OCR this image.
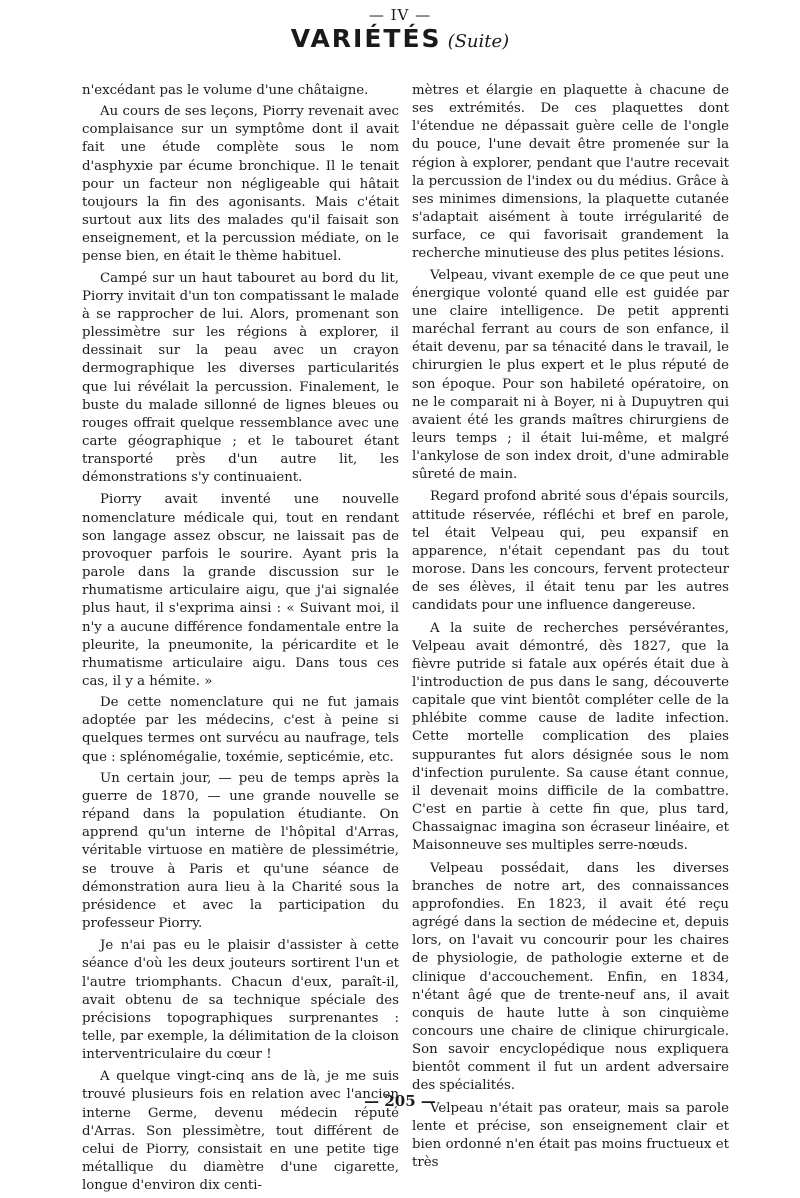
— IV —
VARIÉTÉS (Suite)

n'excédant pas le volume d'une châtaigne.

Au cours de ses leçons, Piorry revenait avec complaisance sur un symptôme dont il avait fait une étude complète sous le nom d'asphyxie par écume bronchique. Il le tenait pour un facteur non négligeable qui hâtait toujours la fin des agonisants. Mais c'était surtout aux lits des malades qu'il faisait son enseignement, et la percussion médiate, on le pense bien, en était le thème habituel.

Campé sur un haut tabouret au bord du lit, Piorry invitait d'un ton compatissant le malade à se rapprocher de lui. Alors, promenant son plessimètre sur les régions à explorer, il dessinait sur la peau avec un crayon dermographique les diverses particularités que lui révélait la percussion. Finalement, le buste du malade sillonné de lignes bleues ou rouges offrait quelque ressemblance avec une carte géographique ; et le tabouret étant transporté près d'un autre lit, les démonstrations s'y continuaient.

Piorry avait inventé une nouvelle nomenclature médicale qui, tout en rendant son langage assez obscur, ne laissait pas de provoquer parfois le sourire. Ayant pris la parole dans la grande discussion sur le rhumatisme articulaire aigu, que j'ai signalée plus haut, il s'exprima ainsi : « Suivant moi, il n'y a aucune différence fondamentale entre la pleurite, la pneumonite, la péricardite et le rhumatisme articulaire aigu. Dans tous ces cas, il y a hémite. »

De cette nomenclature qui ne fut jamais adoptée par les médecins, c'est à peine si quelques termes ont survécu au naufrage, tels que : splénomégalie, toxémie, septicémie, etc.

Un certain jour, — peu de temps après la guerre de 1870, — une grande nouvelle se répand dans la population étudiante. On apprend qu'un interne de l'hôpital d'Arras, véritable virtuose en matière de plessimétrie, se trouve à Paris et qu'une séance de démonstration aura lieu à la Charité sous la présidence et avec la participation du professeur Piorry.

Je n'ai pas eu le plaisir d'assister à cette séance d'où les deux jouteurs sortirent l'un et l'autre triomphants. Chacun d'eux, paraît-il, avait obtenu de sa technique spéciale des précisions topographiques surprenantes : telle, par exemple, la délimitation de la cloison interventriculaire du cœur !

A quelque vingt-cinq ans de là, je me suis trouvé plusieurs fois en relation avec l'ancien interne Germe, devenu médecin réputé d'Arras. Son plessimètre, tout différent de celui de Piorry, consistait en une petite tige métallique du diamètre d'une cigarette, longue d'environ dix centi-

mètres et élargie en plaquette à chacune de ses extrémités. De ces plaquettes dont l'étendue ne dépassait guère celle de l'ongle du pouce, l'une devait être promenée sur la région à explorer, pendant que l'autre recevait la percussion de l'index ou du médius. Grâce à ses minimes dimensions, la plaquette cutanée s'adaptait aisément à toute irrégularité de surface, ce qui favorisait grandement la recherche minutieuse des plus petites lésions.

Velpeau, vivant exemple de ce que peut une énergique volonté quand elle est guidée par une claire intelligence. De petit apprenti maréchal ferrant au cours de son enfance, il était devenu, par sa ténacité dans le travail, le chirurgien le plus expert et le plus réputé de son époque. Pour son habileté opératoire, on ne le comparait ni à Boyer, ni à Dupuytren qui avaient été les grands maîtres chirurgiens de leurs temps ; il était lui-même, et malgré l'ankylose de son index droit, d'une admirable sûreté de main.

Regard profond abrité sous d'épais sourcils, attitude réservée, réfléchi et bref en parole, tel était Velpeau qui, peu expansif en apparence, n'était cependant pas du tout morose. Dans les concours, fervent protecteur de ses élèves, il était tenu par les autres candidats pour une influence dangereuse.

A la suite de recherches persévérantes, Velpeau avait démontré, dès 1827, que la fièvre putride si fatale aux opérés était due à l'introduction de pus dans le sang, découverte capitale que vint bientôt compléter celle de la phlébite comme cause de ladite infection. Cette mortelle complication des plaies suppurantes fut alors désignée sous le nom d'infection purulente. Sa cause étant connue, il devenait moins difficile de la combattre. C'est en partie à cette fin que, plus tard, Chassaignac imagina son écraseur linéaire, et Maisonneuve ses multiples serre-nœuds.

Velpeau possédait, dans les diverses branches de notre art, des connaissances approfondies. En 1823, il avait été reçu agrégé dans la section de médecine et, depuis lors, on l'avait vu concourir pour les chaires de physiologie, de pathologie externe et de clinique d'accouchement. Enfin, en 1834, n'étant âgé que de trente-neuf ans, il avait conquis de haute lutte à son cinquième concours une chaire de clinique chirurgicale. Son savoir encyclopédique nous expliquera bientôt comment il fut un ardent adversaire des spécialités.

Velpeau n'était pas orateur, mais sa parole lente et précise, son enseignement clair et bien ordonné n'en était pas moins fructueux et très

— 205 —
